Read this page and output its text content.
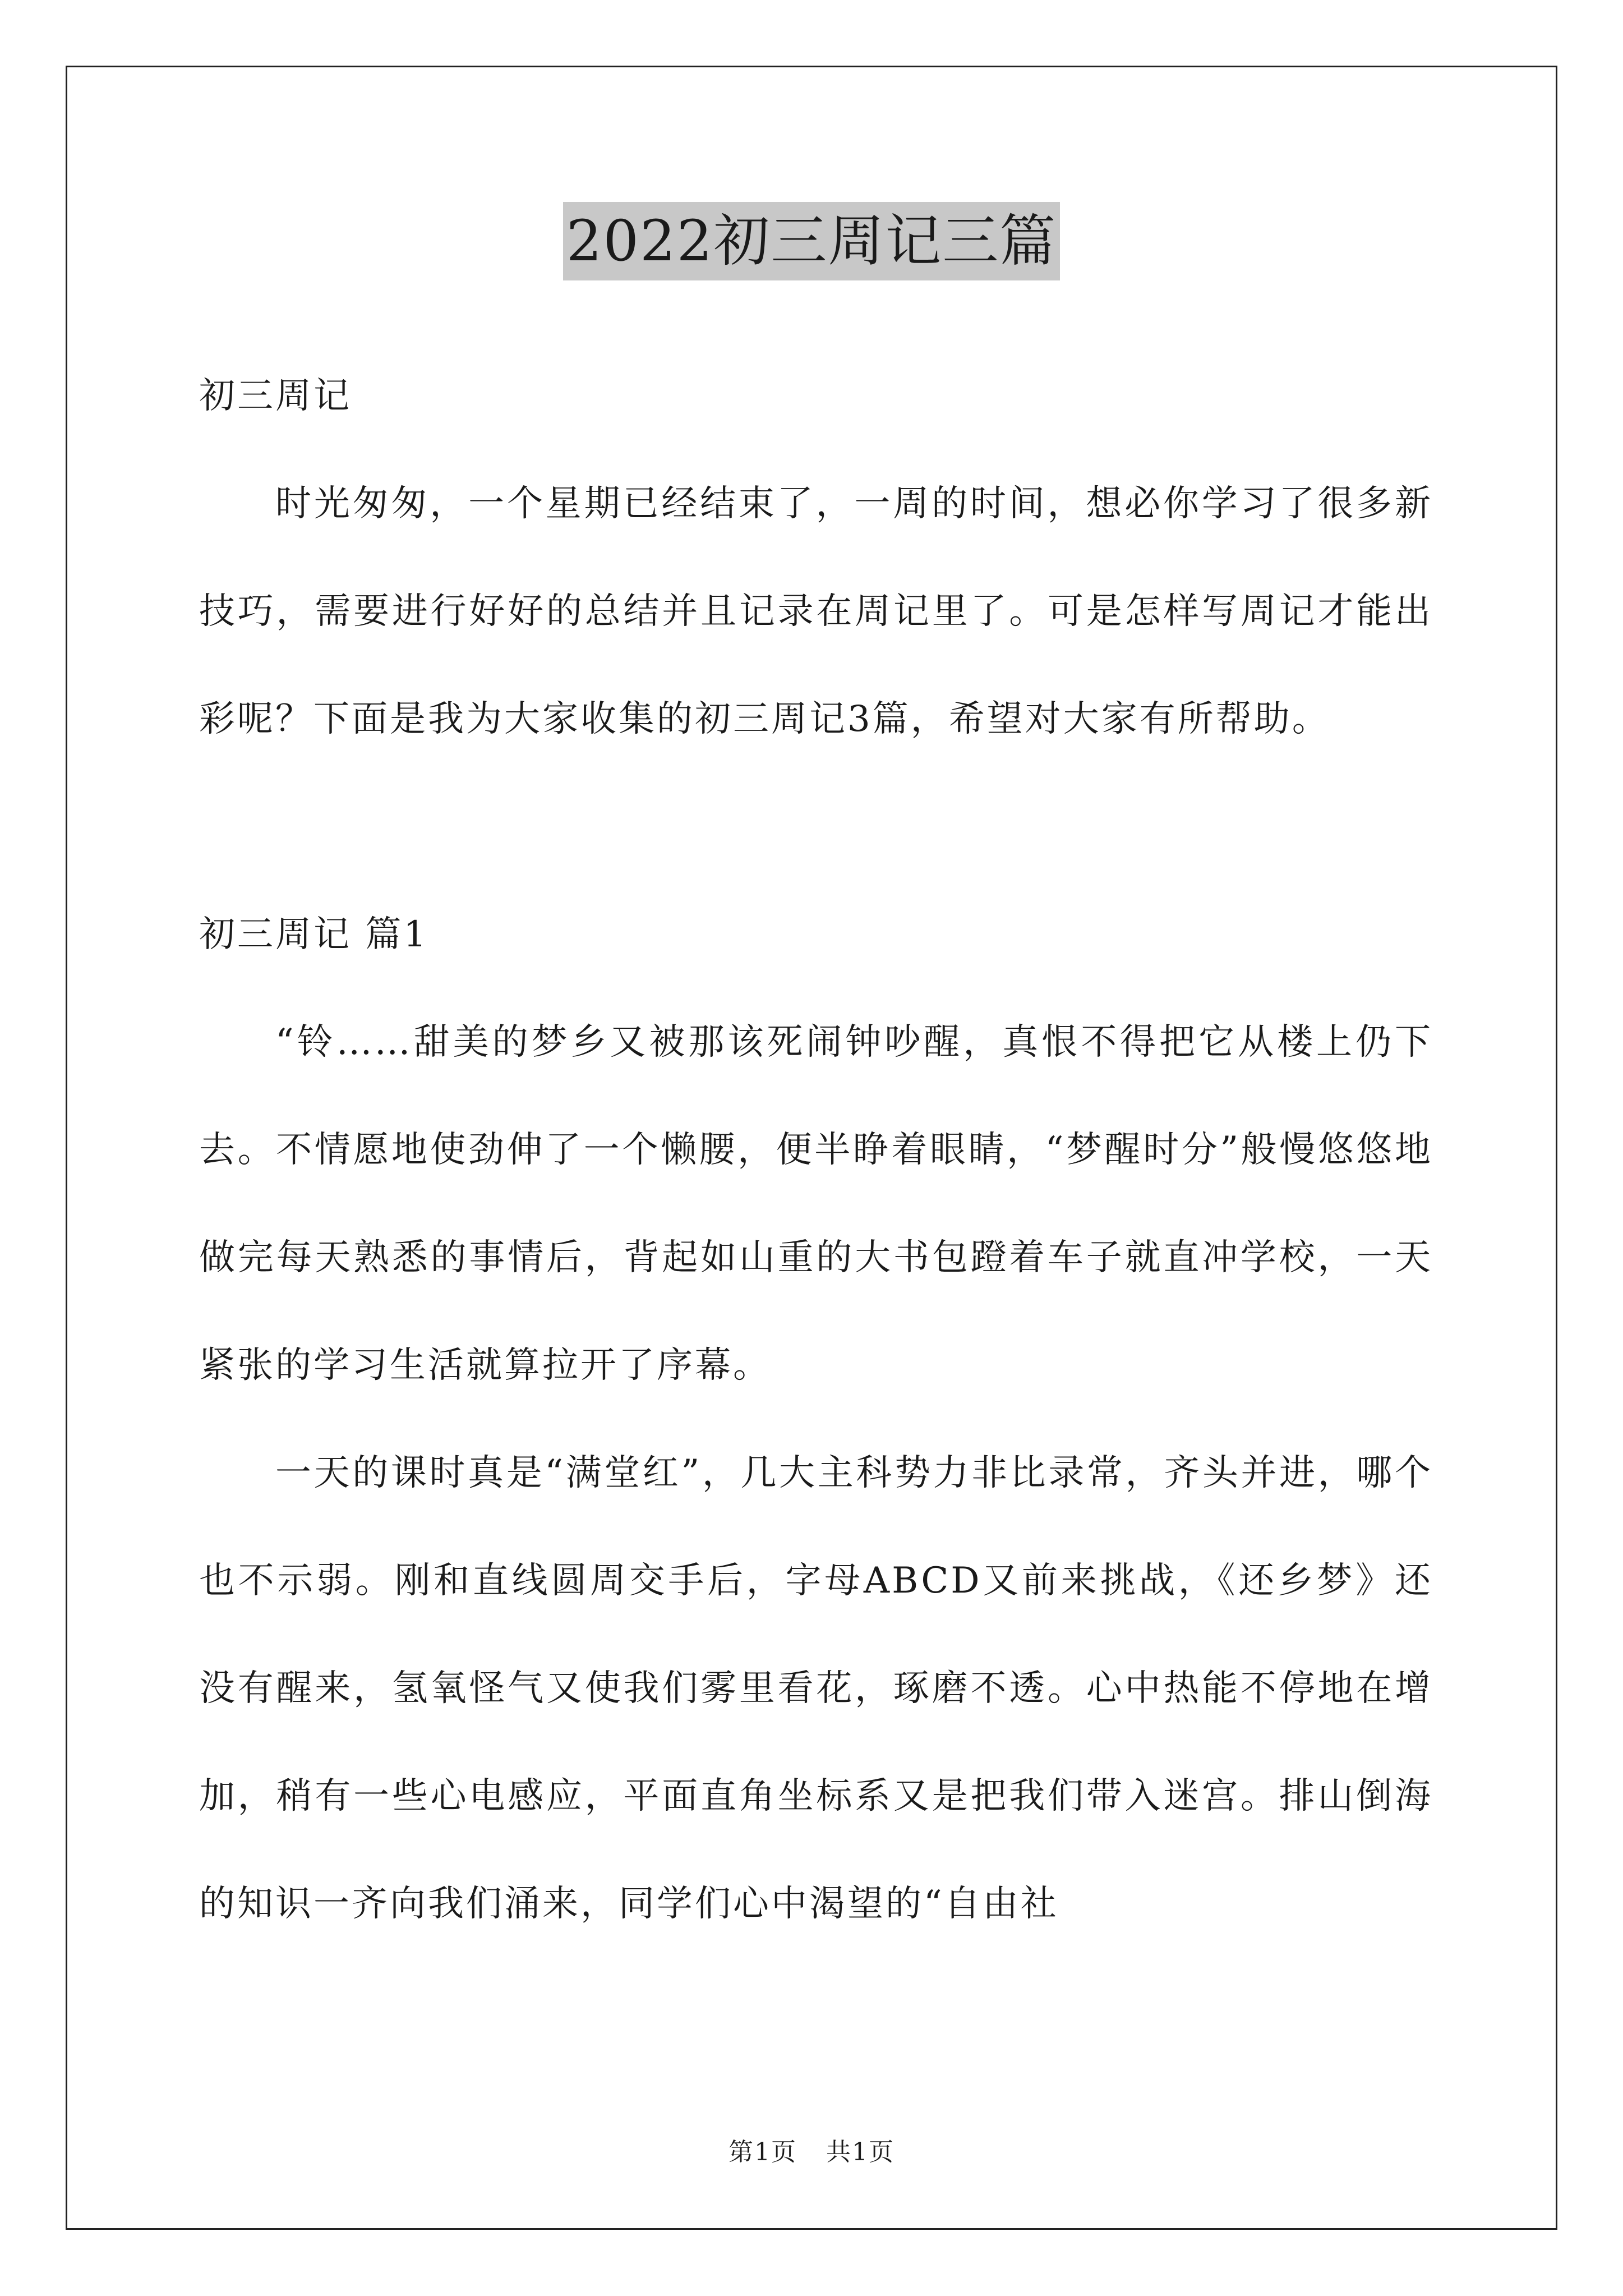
2022初三周记三篇

初三周记

时光匆匆，一个星期已经结束了，一周的时间，想必你学习了很多新技巧，需要进行好好的总结并且记录在周记里了。可是怎样写周记才能出彩呢？下面是我为大家收集的初三周记3篇，希望对大家有所帮助。

初三周记 篇1

“铃……甜美的梦乡又被那该死闹钟吵醒，真恨不得把它从楼上仍下去。不情愿地使劲伸了一个懒腰，便半睁着眼睛，“梦醒时分”般慢悠悠地做完每天熟悉的事情后，背起如山重的大书包蹬着车子就直冲学校，一天紧张的学习生活就算拉开了序幕。

一天的课时真是“满堂红”，几大主科势力非比录常，齐头并进，哪个也不示弱。刚和直线圆周交手后，字母ABCD又前来挑战，《还乡梦》还没有醒来，氢氧怪气又使我们雾里看花，琢磨不透。心中热能不停地在增加，稍有一些心电感应，平面直角坐标系又是把我们带入迷宫。排山倒海的知识一齐向我们涌来，同学们心中渴望的“自由社

第1页 共1页
